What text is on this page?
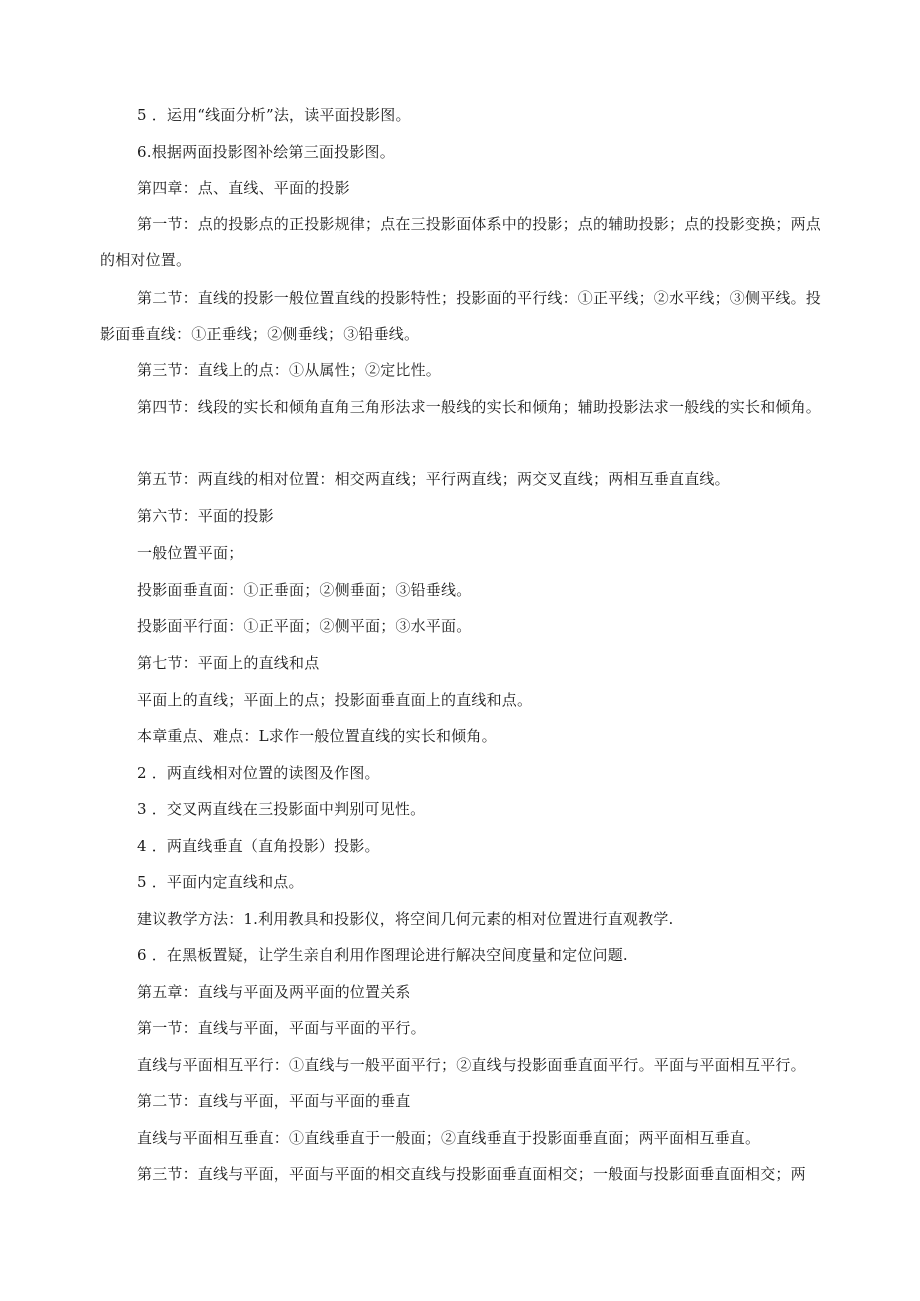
5 ．运用“线面分析”法，读平面投影图。
6.根据两面投影图补绘第三面投影图。
第四章：点、直线、平面的投影
第一节：点的投影点的正投影规律；点在三投影面体系中的投影；点的辅助投影；点的投影变换；两点的相对位置。
第二节：直线的投影一般位置直线的投影特性；投影面的平行线：①正平线；②水平线；③侧平线。投影面垂直线：①正垂线；②侧垂线；③铅垂线。
第三节：直线上的点：①从属性；②定比性。
第四节：线段的实长和倾角直角三角形法求一般线的实长和倾角；辅助投影法求一般线的实长和倾角。
第五节：两直线的相对位置：相交两直线；平行两直线；两交叉直线；两相互垂直直线。
第六节：平面的投影
一般位置平面；
投影面垂直面：①正垂面；②侧垂面；③铅垂线。
投影面平行面：①正平面；②侧平面；③水平面。
第七节：平面上的直线和点
平面上的直线；平面上的点；投影面垂直面上的直线和点。
本章重点、难点：L求作一般位置直线的实长和倾角。
2 ．两直线相对位置的读图及作图。
3 ．交叉两直线在三投影面中判别可见性。
4 ．两直线垂直（直角投影）投影。
5 ．平面内定直线和点。
建议教学方法：1.利用教具和投影仪，将空间几何元素的相对位置进行直观教学.
6 ．在黑板置疑，让学生亲自利用作图理论进行解决空间度量和定位问题.
第五章：直线与平面及两平面的位置关系
第一节：直线与平面，平面与平面的平行。
直线与平面相互平行：①直线与一般平面平行；②直线与投影面垂直面平行。平面与平面相互平行。
第二节：直线与平面，平面与平面的垂直
直线与平面相互垂直：①直线垂直于一般面；②直线垂直于投影面垂直面；两平面相互垂直。
第三节：直线与平面，平面与平面的相交直线与投影面垂直面相交；一般面与投影面垂直面相交；两
